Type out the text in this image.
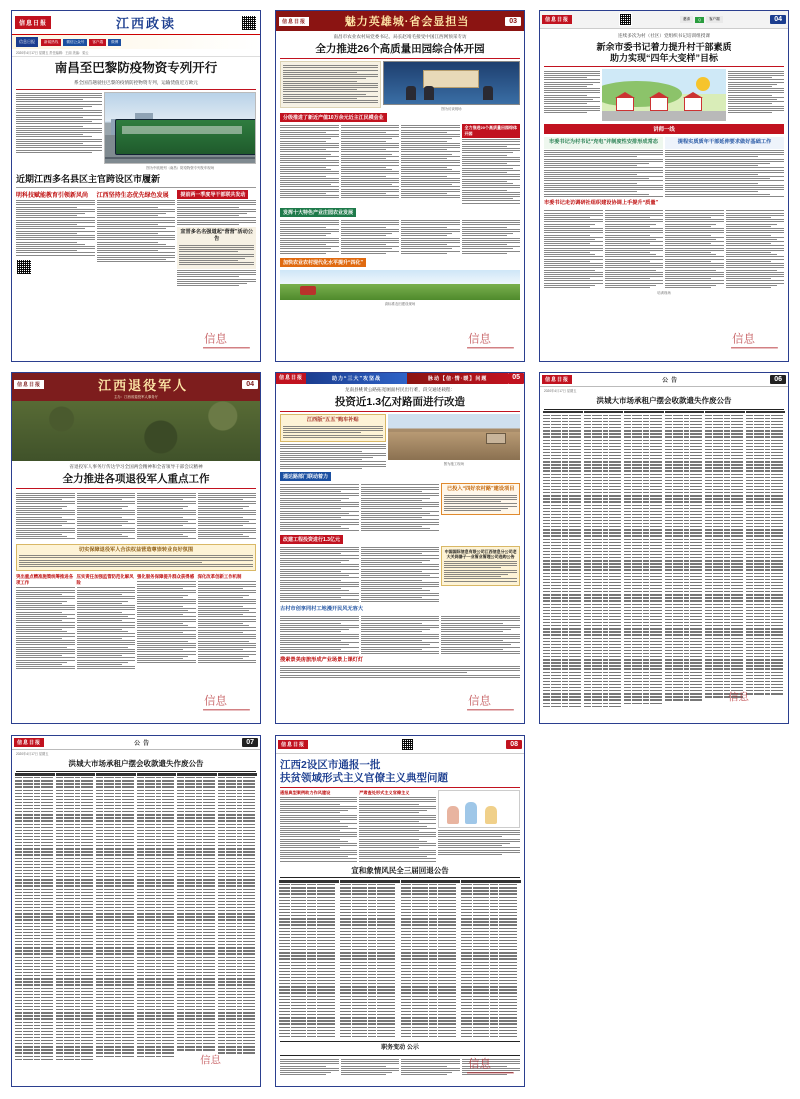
信息日报	江西政读
信息日报	新闻热线	微信公众号	客户端	微博
2020年4月17日 星期五 责任编辑：王丽 美编：梁云
南昌至巴黎防疫物资专列开行
系全国首趟驶往巴黎的疫情防控物资专列，运输货值近万欧元
图为中欧班列（南昌）防疫物资专列发车现场
近期江西多名县区主官跨设区市履新
明科技赋能教育引领新风尚	江西坚持生态优先绿色发展	提前两一季度导干部联共发动
宣晋多名名强道起“营营”活动公告
信息
信息日报	魅力英雄城·省会显担当	03
南昌市农业农村局党委书记、局长赵靖毛接受中国江西网预采专访
全力推进26个高质量田园综合体开园
图为访谈现场
分级推进了新近产值10万余元近主江民模会业
全力推进20个高质量田园综体开园
发挥十大特色产业庄园农业发展
加快农业农村现代化水平提升“四化”
高标准农田建设现场
信息
信息日报	邀请	Q	客户端	04
连续多次为村（社区）党组织书记培训组授课
新余市委书记着力提升村干部素质
助力实现“四年大变样”目标
讲师一线
市委书记为村书记“充电”并制度性安排形成常态	提程实质质年干部延伸要求做好基础工作
市委书记走访调研社组织建设协调上手提升“质量”
培训现场
信息
信息日报	江西退役军人	04
主办：江西省退役军人事务厅
省退役军人事务厅传达学习全国两会精神和全省领导干部会议精神
全力推进各项退役军人重点工作
切实保障退役军人合法权益营造尊崇转业良好氛围
突出重点精准施策统筹推进各项工作
压实责任加强监管防范化解风险
强化服务保障提升群众获得感 深化改革创新工作机制
信息
信息日报	助力“三大”攻坚战	脉动【信·情·暖】问题	05
龙南县桃黄公路拓宽厕面村民出行难，段交通述载程：
投资近1.3亿对路面进行改造
江西版“五五”购车补贴
图为施工现场
通达路部门联动着力
已投入“四好农村路”建设项目
改建工程投资进行1.3亿元
中国国际信息有限公司江西信息分公司老大关网器子一业管业管理公司选购公告
古村市创享同村工地漫开民风无容大
搜索景美房旅形成产业场景上课灯灯
信息
信息日报	公告	06
2020年4月17日 星期五
洪城大市场承租户摆会收款遗失作废公告
信息
信息日报	公告	07
2020年4月17日 星期五
洪城大市场承租户摆会收款遗失作废公告
信息
信息日报	08
江西2设区市通报一批
扶贫领域形式主义官僚主义典型问题
通报典型案例助力作风建设	严肃查处形式主义官僚主义
宣和象情风民全三届回退公告
职务变动 公示
信息
